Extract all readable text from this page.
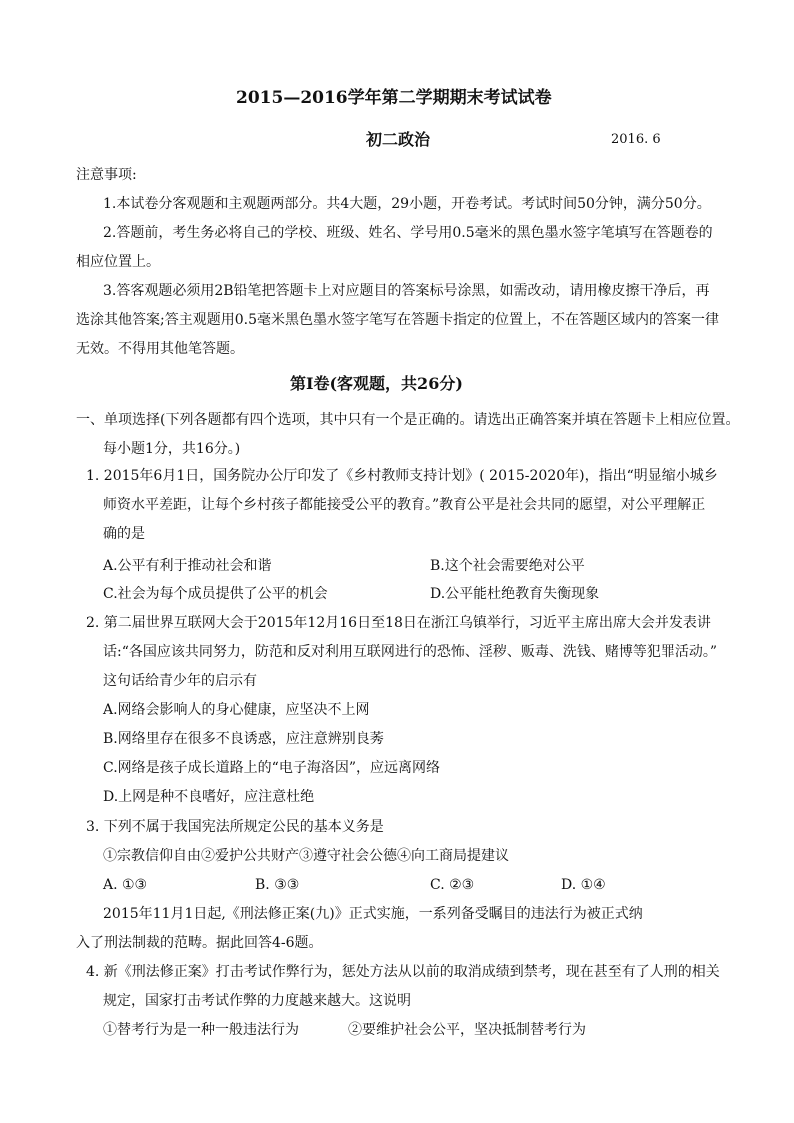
2015—2016学年第二学期期末考试试卷
初二政治	2016. 6
注意事项:
1.本试卷分客观题和主观题两部分。共4大题，29小题，开卷考试。考试时间50分钟，满分50分。
2.答题前，考生务必将自己的学校、班级、姓名、学号用0.5毫米的黑色墨水签字笔填写在答题卷的
相应位置上。
3.答客观题必须用2B铅笔把答题卡上对应题目的答案标号涂黑，如需改动，请用橡皮擦干净后，再
选涂其他答案;答主观题用0.5毫米黑色墨水签字笔写在答题卡指定的位置上，不在答题区域内的答案一律
无效。不得用其他笔答题。
第Ⅰ卷(客观题，共26分)
一、单项选择(下列各题都有四个选项，其中只有一个是正确的。请选出正确答案并填在答题卡上相应位置。
每小题1分，共16分。)
1. 2015年6月1日，国务院办公厅印发了《乡村教师支持计划》( 2015-2020年)，指出“明显缩小城乡
师资水平差距，让每个乡村孩子都能接受公平的教育。”教育公平是社会共同的愿望，对公平理解正
确的是
A.公平有利于推动社会和谐	B.这个社会需要绝对公平
C.社会为每个成员提供了公平的机会	D.公平能杜绝教育失衡现象
2. 第二届世界互联网大会于2015年12月16日至18日在浙江乌镇举行，习近平主席出席大会并发表讲
话:“各国应该共同努力，防范和反对利用互联网进行的恐怖、淫秽、贩毒、洗钱、赌博等犯罪活动。”
这句话给青少年的启示有
A.网络会影响人的身心健康，应坚决不上网
B.网络里存在很多不良诱惑，应注意辨别良莠
C.网络是孩子成长道路上的“电子海洛因”，应远离网络
D.上网是种不良嗜好，应注意杜绝
3. 下列不属于我国宪法所规定公民的基本义务是
①宗教信仰自由②爱护公共财产③遵守社会公德④向工商局提建议
A. ①③	B. ③③	C. ②③	D. ①④
2015年11月1日起,《刑法修正案(九)》正式实施，一系列备受瞩目的违法行为被正式纳
入了刑法制裁的范畴。据此回答4-6题。
4. 新《刑法修正案》打击考试作弊行为，惩处方法从以前的取消成绩到禁考，现在甚至有了人刑的相关
规定，国家打击考试作弊的力度越来越大。这说明
①替考行为是一种一般违法行为	②要维护社会公平，坚决抵制替考行为
